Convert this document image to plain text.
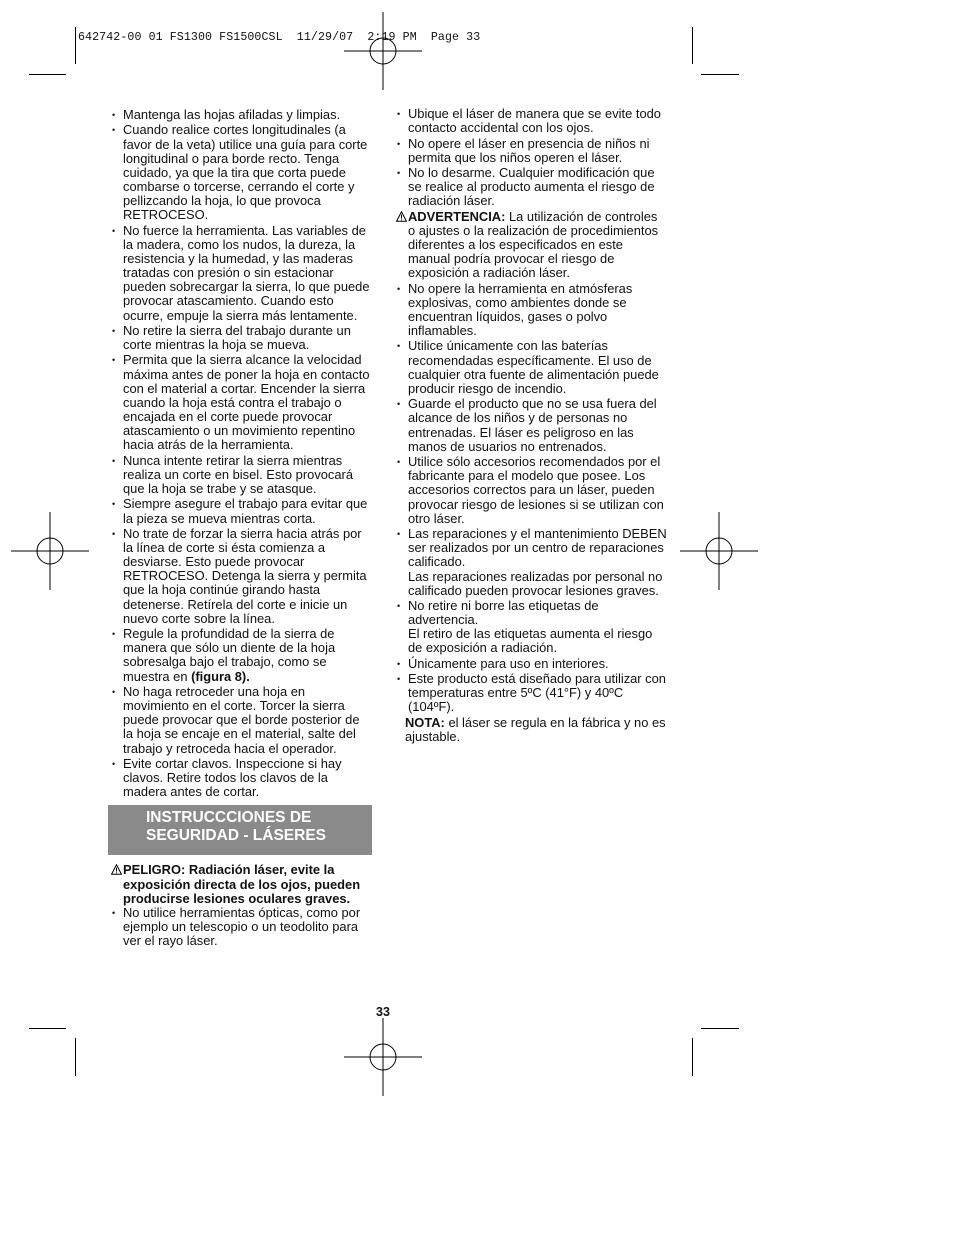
642742-00 01 FS1300 FS1500CSL  11/29/07  2:19 PM  Page 33
• Mantenga las hojas afiladas y limpias.
• Cuando realice cortes longitudinales (a favor de la veta) utilice una guía para corte longitudinal o para borde recto. Tenga cuidado, ya que la tira que corta puede combarse o torcerse, cerrando el corte y pellizcando la hoja, lo que provoca RETROCESO.
• No fuerce la herramienta. Las variables de la madera, como los nudos, la dureza, la resistencia y la humedad, y las maderas tratadas con presión o sin estacionar pueden sobrecargar la sierra, lo que puede provocar atascamiento. Cuando esto ocurre, empuje la sierra más lentamente.
• No retire la sierra del trabajo durante un corte mientras la hoja se mueva.
• Permita que la sierra alcance la velocidad máxima antes de poner la hoja en contacto con el material a cortar. Encender la sierra cuando la hoja está contra el trabajo o encajada en el corte puede provocar atascamiento o un movimiento repentino hacia atrás de la herramienta.
• Nunca intente retirar la sierra mientras realiza un corte en bisel. Esto provocará que la hoja se trabe y se atasque.
• Siempre asegure el trabajo para evitar que la pieza se mueva mientras corta.
• No trate de forzar la sierra hacia atrás por la línea de corte si ésta comienza a desviarse. Esto puede provocar RETROCESO. Detenga la sierra y permita que la hoja continúe girando hasta detenerse. Retírela del corte e inicie un nuevo corte sobre la línea.
• Regule la profundidad de la sierra de manera que sólo un diente de la hoja sobresalga bajo el trabajo, como se muestra en (figura 8).
• No haga retroceder una hoja en movimiento en el corte. Torcer la sierra puede provocar que el borde posterior de la hoja se encaje en el material, salte del trabajo y retroceda hacia el operador.
• Evite cortar clavos. Inspeccione si hay clavos. Retire todos los clavos de la madera antes de cortar.
INSTRUCCCIONES DE
SEGURIDAD - LÁSERES
PELIGRO: Radiación láser, evite la exposición directa de los ojos, pueden producirse lesiones oculares graves.
• No utilice herramientas ópticas, como por ejemplo un telescopio o un teodolito para ver el rayo láser.
• Ubique el láser de manera que se evite todo contacto accidental con los ojos.
• No opere el láser en presencia de niños ni permita que los niños operen el láser.
• No lo desarme. Cualquier modificación que se realice al producto aumenta el riesgo de radiación láser.
ADVERTENCIA: La utilización de controles o ajustes o la realización de procedimientos diferentes a los especificados en este manual podría provocar el riesgo de exposición a radiación láser.
• No opere la herramienta en atmósferas explosivas, como ambientes donde se encuentran líquidos, gases o polvo inflamables.
• Utilice únicamente con las baterías recomendadas específicamente. El uso de cualquier otra fuente de alimentación puede producir riesgo de incendio.
• Guarde el producto que no se usa fuera del alcance de los niños y de personas no entrenadas. El láser es peligroso en las manos de usuarios no entrenados.
• Utilice sólo accesorios recomendados por el fabricante para el modelo que posee. Los accesorios correctos para un láser, pueden provocar riesgo de lesiones si se utilizan con otro láser.
• Las reparaciones y el mantenimiento DEBEN ser realizados por un centro de reparaciones calificado.
Las reparaciones realizadas por personal no calificado pueden provocar lesiones graves.
• No retire ni borre las etiquetas de advertencia.
El retiro de las etiquetas aumenta el riesgo de exposición a radiación.
• Únicamente para uso en interiores.
• Este producto está diseñado para utilizar con temperaturas entre 5ºC (41°F) y 40ºC (104ºF).
NOTA: el láser se regula en la fábrica y no es ajustable.
33
